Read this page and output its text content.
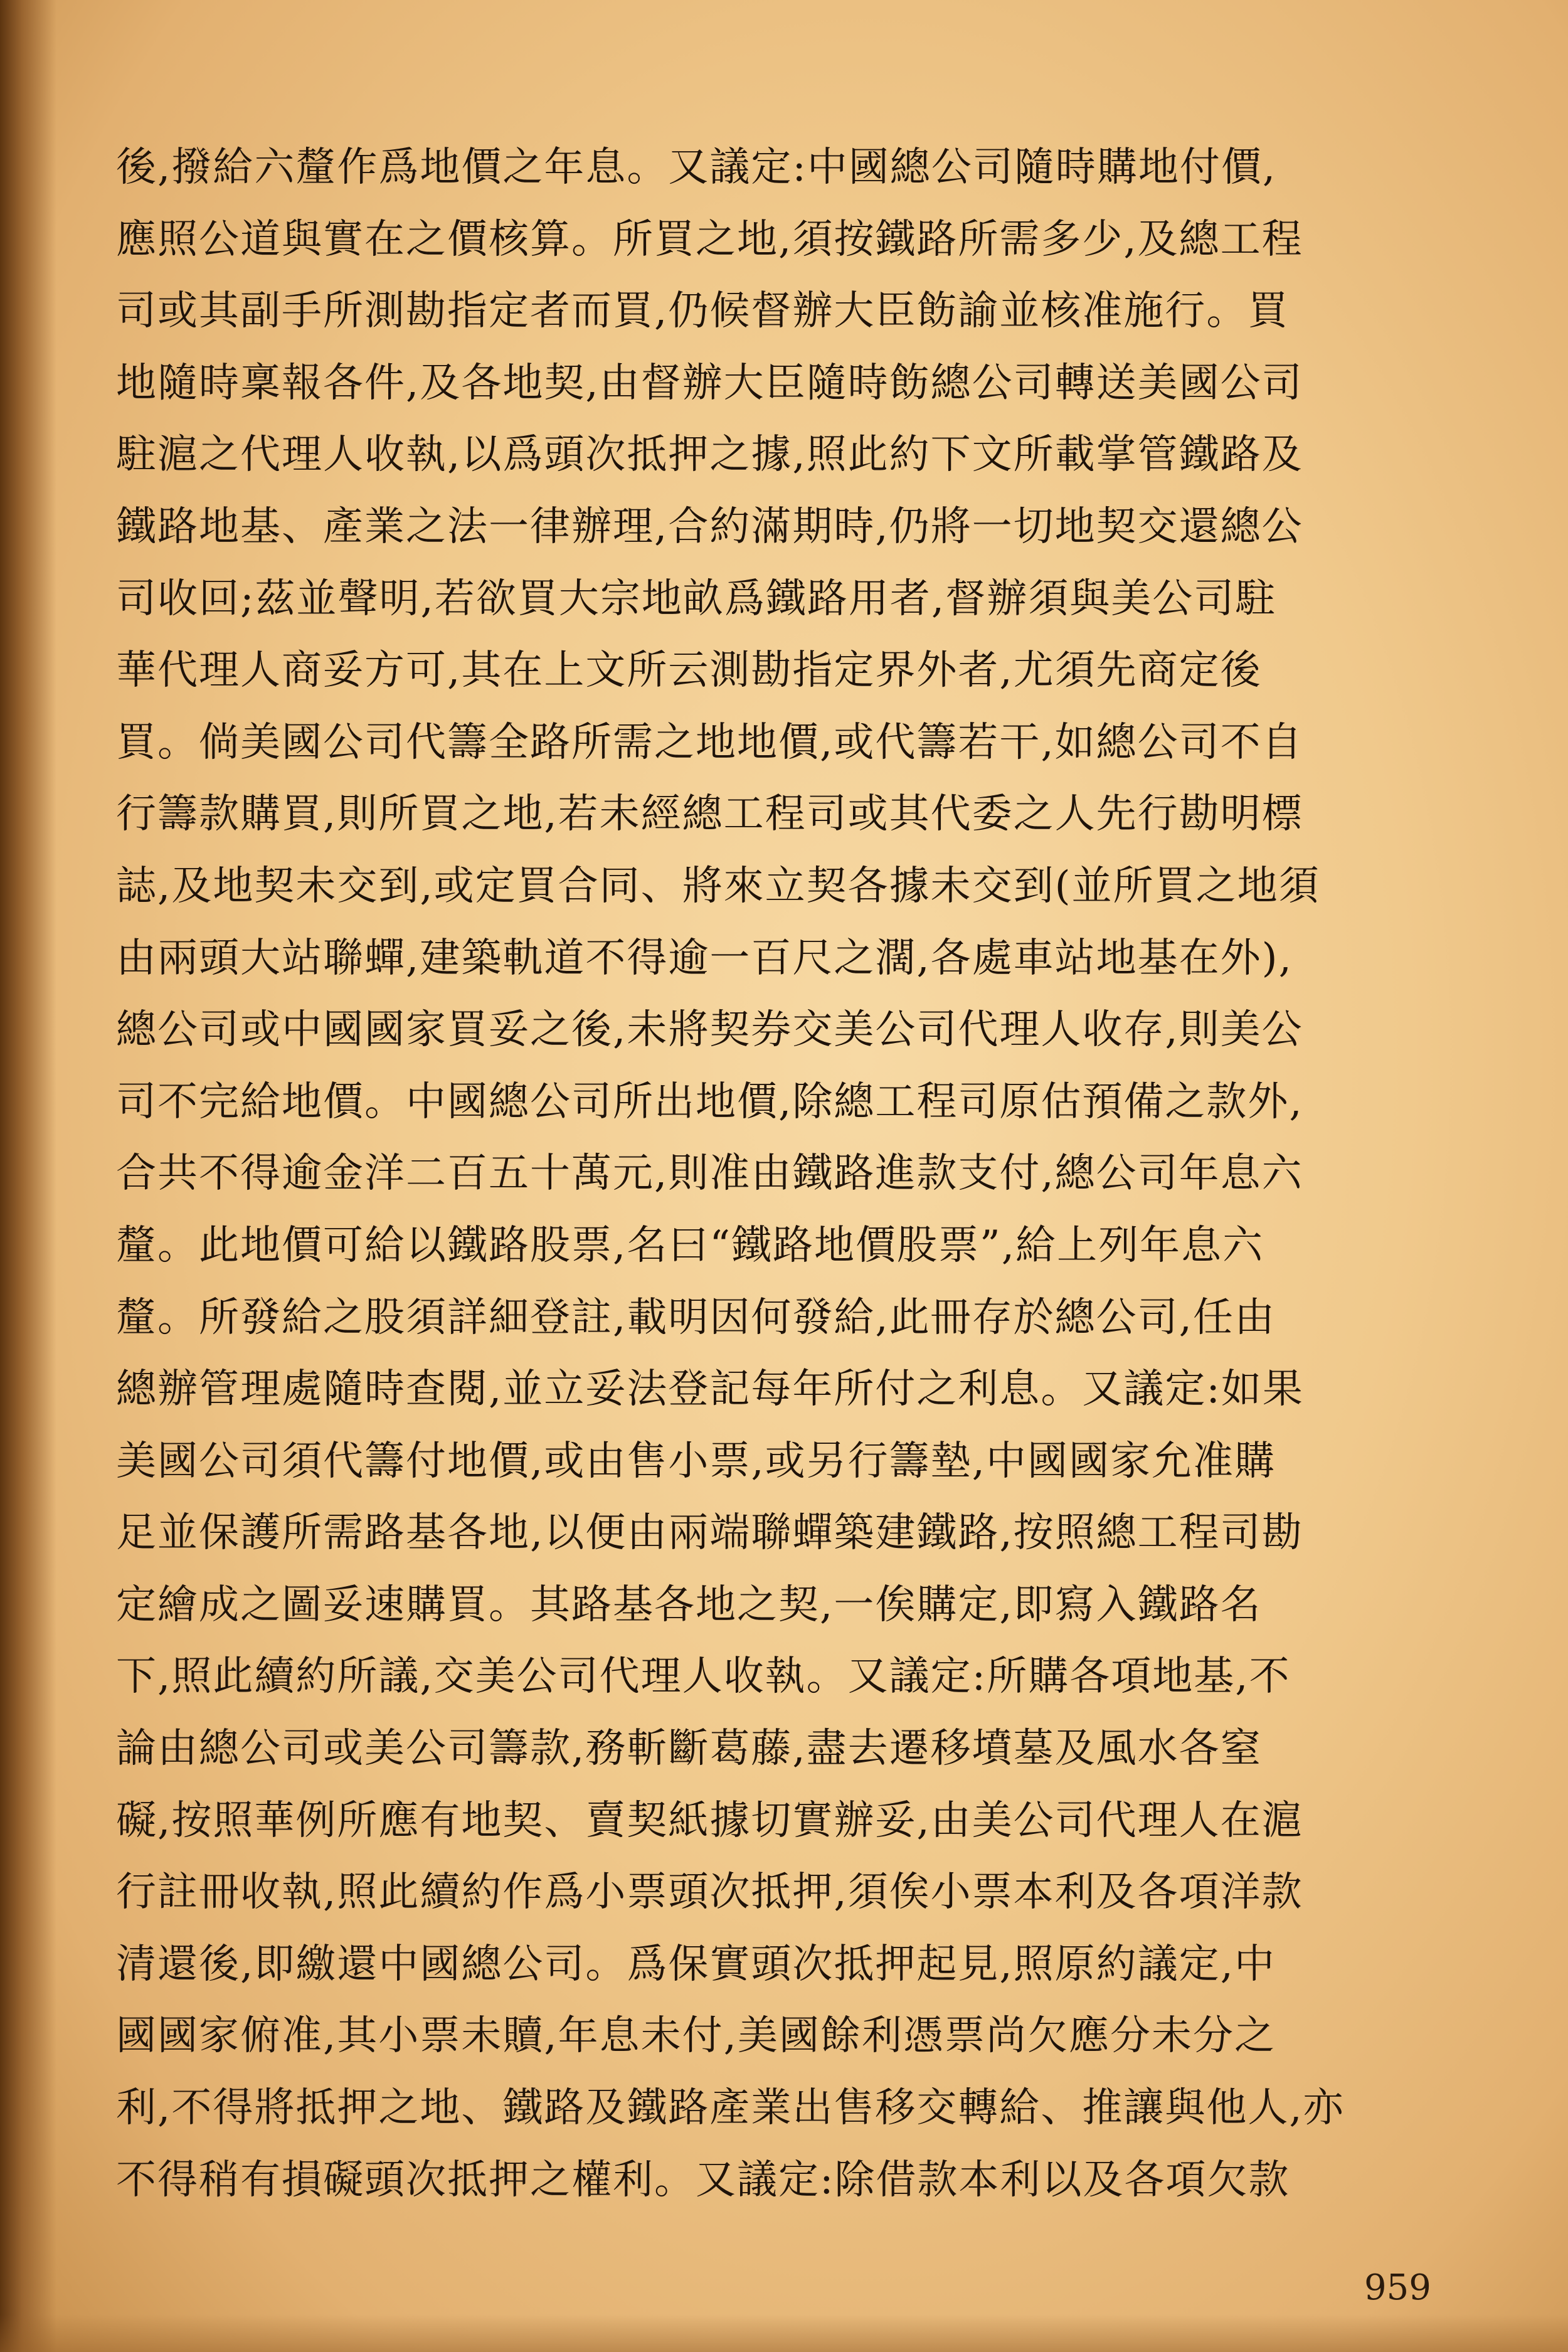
後,撥給六釐作爲地價之年息。又議定:中國總公司隨時購地付價,
應照公道與實在之價核算。所買之地,須按鐵路所需多少,及總工程
司或其副手所測勘指定者而買,仍候督辦大臣飭諭並核准施行。買
地隨時稟報各件,及各地契,由督辦大臣隨時飭總公司轉送美國公司
駐滬之代理人收執,以爲頭次抵押之據,照此約下文所載掌管鐵路及
鐵路地基、產業之法一律辦理,合約滿期時,仍將一切地契交還總公
司收回;茲並聲明,若欲買大宗地畝爲鐵路用者,督辦須與美公司駐
華代理人商妥方可,其在上文所云測勘指定界外者,尤須先商定後
買。倘美國公司代籌全路所需之地地價,或代籌若干,如總公司不自
行籌款購買,則所買之地,若未經總工程司或其代委之人先行勘明標
誌,及地契未交到,或定買合同、將來立契各據未交到(並所買之地須
由兩頭大站聯蟬,建築軌道不得逾一百尺之濶,各處車站地基在外),
總公司或中國國家買妥之後,未將契券交美公司代理人收存,則美公
司不完給地價。中國總公司所出地價,除總工程司原估預備之款外,
合共不得逾金洋二百五十萬元,則准由鐵路進款支付,總公司年息六
釐。此地價可給以鐵路股票,名曰“鐵路地價股票”,給上列年息六
釐。所發給之股須詳細登註,載明因何發給,此冊存於總公司,任由
總辦管理處隨時查閱,並立妥法登記每年所付之利息。又議定:如果
美國公司須代籌付地價,或由售小票,或另行籌墊,中國國家允准購
足並保護所需路基各地,以便由兩端聯蟬築建鐵路,按照總工程司勘
定繪成之圖妥速購買。其路基各地之契,一俟購定,即寫入鐵路名
下,照此續約所議,交美公司代理人收執。又議定:所購各項地基,不
論由總公司或美公司籌款,務斬斷葛藤,盡去遷移墳墓及風水各窒
礙,按照華例所應有地契、賣契紙據切實辦妥,由美公司代理人在滬
行註冊收執,照此續約作爲小票頭次抵押,須俟小票本利及各項洋款
清還後,即繳還中國總公司。爲保實頭次抵押起見,照原約議定,中
國國家俯准,其小票未贖,年息未付,美國餘利憑票尚欠應分未分之
利,不得將抵押之地、鐵路及鐵路產業出售移交轉給、推讓與他人,亦
不得稍有損礙頭次抵押之權利。又議定:除借款本利以及各項欠款
959
